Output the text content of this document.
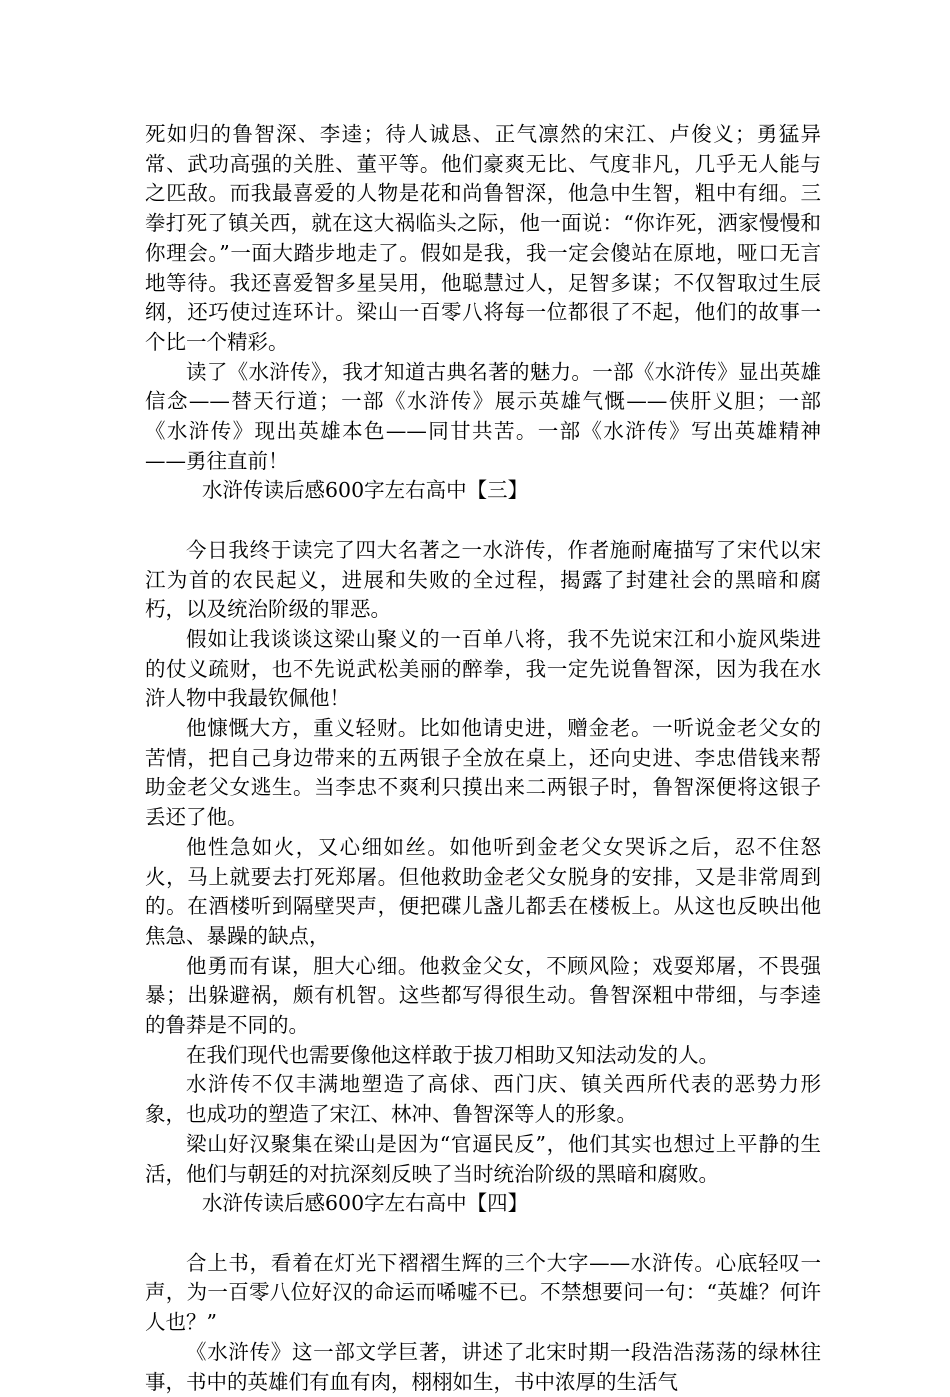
死如归的鲁智深、李逵；待人诚恳、正气凛然的宋江、卢俊义；勇猛异常、武功高强的关胜、董平等。他们豪爽无比、气度非凡，几乎无人能与之匹敌。而我最喜爱的人物是花和尚鲁智深，他急中生智，粗中有细。三拳打死了镇关西，就在这大祸临头之际，他一面说：“你诈死，洒家慢慢和你理会。”一面大踏步地走了。假如是我，我一定会傻站在原地，哑口无言地等待。我还喜爱智多星吴用，他聪慧过人，足智多谋；不仅智取过生辰纲，还巧使过连环计。梁山一百零八将每一位都很了不起，他们的故事一个比一个精彩。

读了《水浒传》，我才知道古典名著的魅力。一部《水浒传》显出英雄信念——替天行道；一部《水浒传》展示英雄气慨——侠肝义胆；一部《水浒传》现出英雄本色——同甘共苦。一部《水浒传》写出英雄精神——勇往直前！

水浒传读后感600字左右高中【三】

今日我终于读完了四大名著之一水浒传，作者施耐庵描写了宋代以宋江为首的农民起义，进展和失败的全过程，揭露了封建社会的黑暗和腐朽，以及统治阶级的罪恶。

假如让我谈谈这梁山聚义的一百单八将，我不先说宋江和小旋风柴进的仗义疏财，也不先说武松美丽的醉拳，我一定先说鲁智深，因为我在水浒人物中我最钦佩他！

他慷慨大方，重义轻财。比如他请史进，赠金老。一听说金老父女的苦情，把自己身边带来的五两银子全放在桌上，还向史进、李忠借钱来帮助金老父女逃生。当李忠不爽利只摸出来二两银子时，鲁智深便将这银子丢还了他。

他性急如火，又心细如丝。如他听到金老父女哭诉之后，忍不住怒火，马上就要去打死郑屠。但他救助金老父女脱身的安排，又是非常周到的。在酒楼听到隔壁哭声，便把碟儿盏儿都丢在楼板上。从这也反映出他焦急、暴躁的缺点，

他勇而有谋，胆大心细。他救金父女，不顾风险；戏耍郑屠，不畏强暴；出躲避祸，颇有机智。这些都写得很生动。鲁智深粗中带细，与李逵的鲁莽是不同的。

在我们现代也需要像他这样敢于拔刀相助又知法动发的人。

水浒传不仅丰满地塑造了高俅、西门庆、镇关西所代表的恶势力形象，也成功的塑造了宋江、林冲、鲁智深等人的形象。

梁山好汉聚集在梁山是因为“官逼民反”，他们其实也想过上平静的生活，他们与朝廷的对抗深刻反映了当时统治阶级的黑暗和腐败。

水浒传读后感600字左右高中【四】

合上书，看着在灯光下褶褶生辉的三个大字——水浒传。心底轻叹一声，为一百零八位好汉的命运而唏嘘不已。不禁想要问一句：“英雄？何许人也？”

《水浒传》这一部文学巨著，讲述了北宋时期一段浩浩荡荡的绿林往事，书中的英雄们有血有肉，栩栩如生，书中浓厚的生活气
